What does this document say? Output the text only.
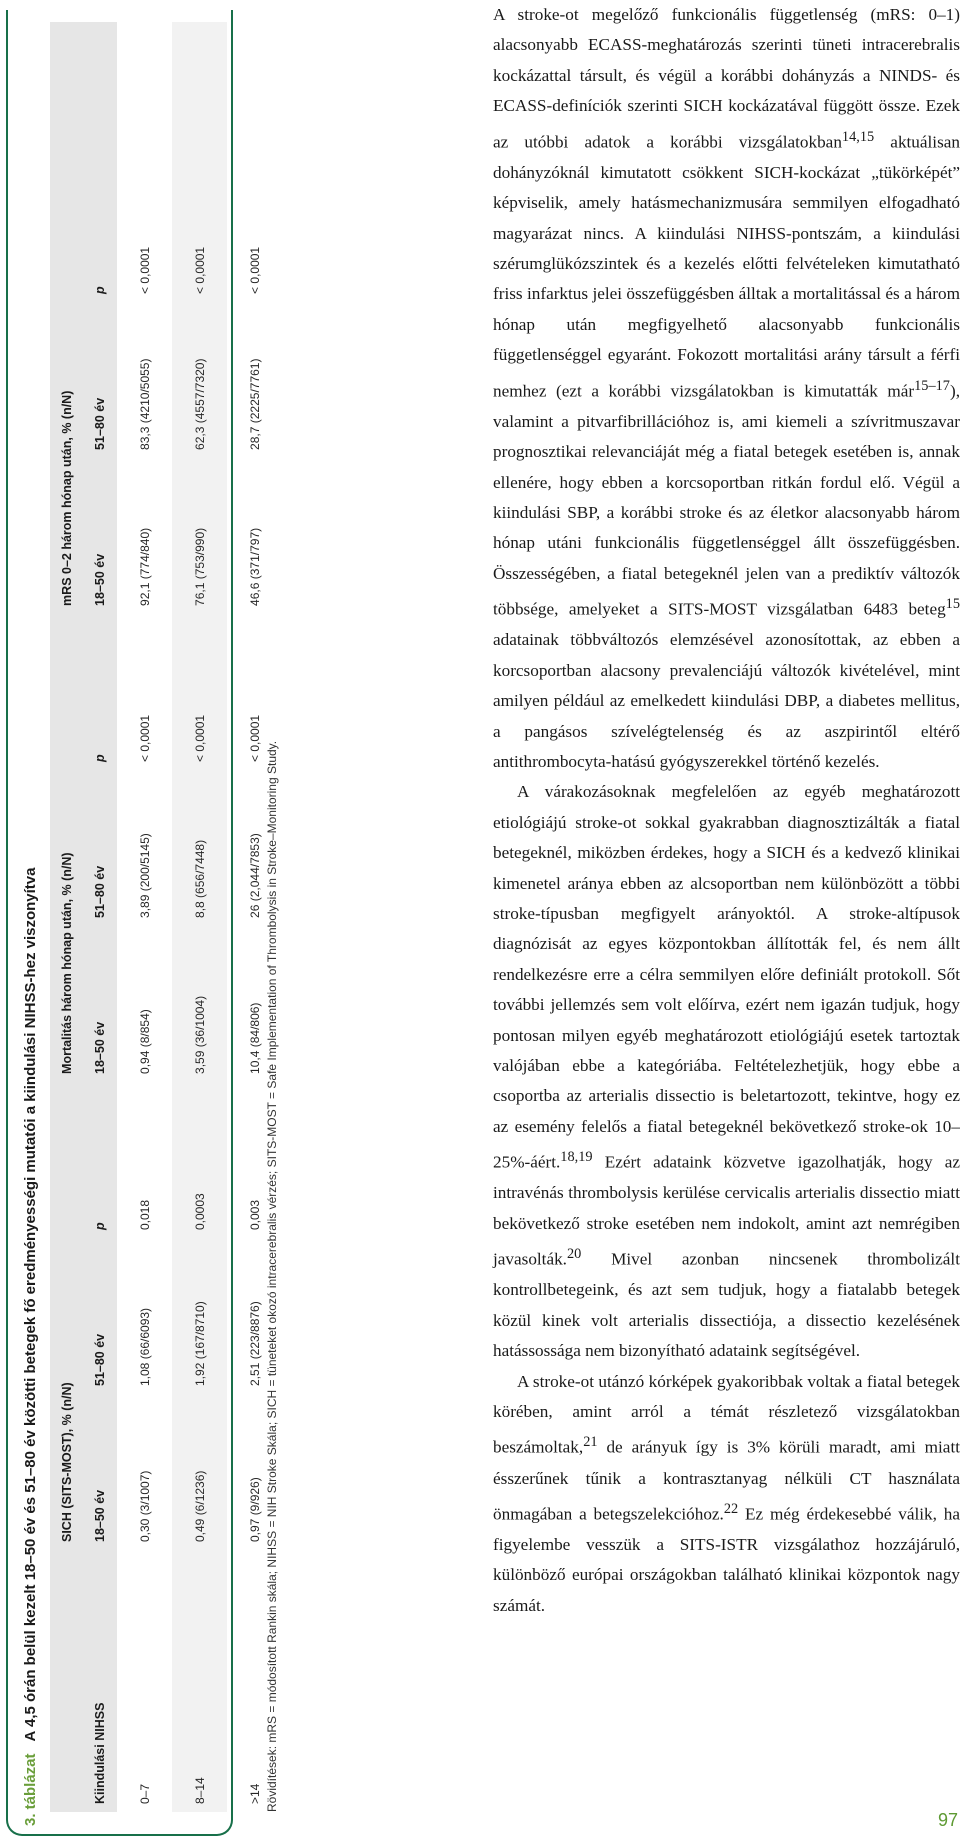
3. táblázat
A 4,5 órán belül kezelt 18–50 év és 51–80 év közötti betegek fő eredményességi mutatói a kiindulási NIHSS-hez viszonyítva
	SICH (SITS-MOST), % (n/N)			Mortalitás három hónap után, % (n/N)			mRS 0–2 három hónap után, % (n/N)		
Kiindulási NIHSS	18–50 év	51–80 év	p	18–50 év	51–80 év	p	18–50 év	51–80 év	p
0–7	0,30 (3/1007)	1,08 (66/6093)	0,018	0,94 (8/854)	3,89 (200/5145)	< 0,0001	92,1 (774/840)	83,3 (4210/5055)	< 0,0001
8–14	0,49 (6/1236)	1,92 (167/8710)	0,0003	3,59 (36/1004)	8,8 (656/7448)	< 0,0001	76,1 (753/990)	62,3 (4557/7320)	< 0,0001
>14	0,97 (9/926)	2,51 (223/8876)	0,003	10,4 (84/806)	26 (2,044/7853)	< 0,0001	46,6 (371/797)	28,7 (2225/7761)	< 0,0001
Rövidítések: mRS = módosított Rankin skála; NIHSS = NIH Stroke Skála; SICH = tüneteket okozó intracerebralis vérzés; SITS-MOST = Safe Implementation of Thrombolysis in Stroke–Monitoring Study.

A stroke-ot megelőző funkcionális függetlenség (mRS: 0–1) alacsonyabb ECASS-meghatározás szerinti tüneti intracerebralis kockázattal társult, és végül a korábbi dohányzás a NINDS- és ECASS-definíciók szerinti SICH kockázatával függött össze. Ezek az utóbbi adatok a korábbi vizsgálatokban$^{14,15}$ aktuálisan dohányzóknál kimutatott csökkent SICH-kockázat „tükörképét” képviselik, amely hatásmechanizmusára semmilyen elfogadható magyarázat nincs. A kiindulási NIHSS-pontszám, a kiindulási szérumglükózszintek és a kezelés előtti felvételeken kimutatható friss infarktus jelei összefüggésben álltak a mortalitással és a három hónap után megfigyelhető alacsonyabb funkcionális függetlenséggel egyaránt. Fokozott mortalitási arány társult a férfi nemhez (ezt a korábbi vizsgálatokban is kimutatták már$^{15-17}$), valamint a pitvarfibrillációhoz is, ami kiemeli a szívritmuszavar prognosztikai relevanciáját még a fiatal betegek esetében is, annak ellenére, hogy ebben a korcsoportban ritkán fordul elő. Végül a kiindulási SBP, a korábbi stroke és az életkor alacsonyabb három hónap utáni funkcionális függetlenséggel állt összefüggésben. Összességében, a fiatal betegeknél jelen van a prediktív változók többsége, amelyeket a SITS-MOST vizsgálatban 6483 beteg$^{15}$ adatainak többváltozós elemzésével azonosítottak, az ebben a korcsoportban alacsony prevalenciájú változók kivételével, mint amilyen például az emelkedett kiindulási DBP, a diabetes mellitus, a pangásos szívelégtelenség és az aszpirintől eltérő antithrombocyta-hatású gyógyszerekkel történő kezelés.

A várakozásoknak megfelelően az egyéb meghatározott etiológiájú stroke-ot sokkal gyakrabban diagnosztizálták a fiatal betegeknél, miközben érdekes, hogy a SICH és a kedvező klinikai kimenetel aránya ebben az alcsoportban nem különbözött a többi stroke-típusban megfigyelt arányoktól. A stroke-altípusok diagnózisát az egyes központokban állították fel, és nem állt rendelkezésre erre a célra semmilyen előre definiált protokoll. Sőt további jellemzés sem volt előírva, ezért nem igazán tudjuk, hogy pontosan milyen egyéb meghatározott etiológiájú esetek tartoztak valójában ebbe a kategóriába. Feltételezhetjük, hogy ebbe a csoportba az arterialis dissectio is beletartozott, tekintve, hogy ez az esemény felelős a fiatal betegeknél bekövetkező stroke-ok 10–25%-áért.$^{18,19}$ Ezért adataink közvetve igazolhatják, hogy az intravénás thrombolysis kerülése cervicalis arterialis dissectio miatt bekövetkező stroke esetében nem indokolt, amint azt nemrégiben javasolták.$^{20}$ Mivel azonban nincsenek thrombolizált kontrollbetegeink, és azt sem tudjuk, hogy a fiatalabb betegek közül kinek volt arterialis dissectiója, a dissectio kezelésének hatássossága nem bizonyítható adataink segítségével.

A stroke-ot utánzó kórképek gyakoribbak voltak a fiatal betegek körében, amint arról a témát részletező vizsgálatokban beszámoltak,$^{21}$ de arányuk így is 3% körüli maradt, ami miatt ésszerűnek tűnik a kontrasztanyag nélküli CT használata önmagában a betegszelekcióhoz.$^{22}$ Ez még érdekesebbé válik, ha figyelembe vesszük a SITS-ISTR vizsgálathoz hozzájáruló, különböző európai országokban található klinikai központok nagy számát.

97
